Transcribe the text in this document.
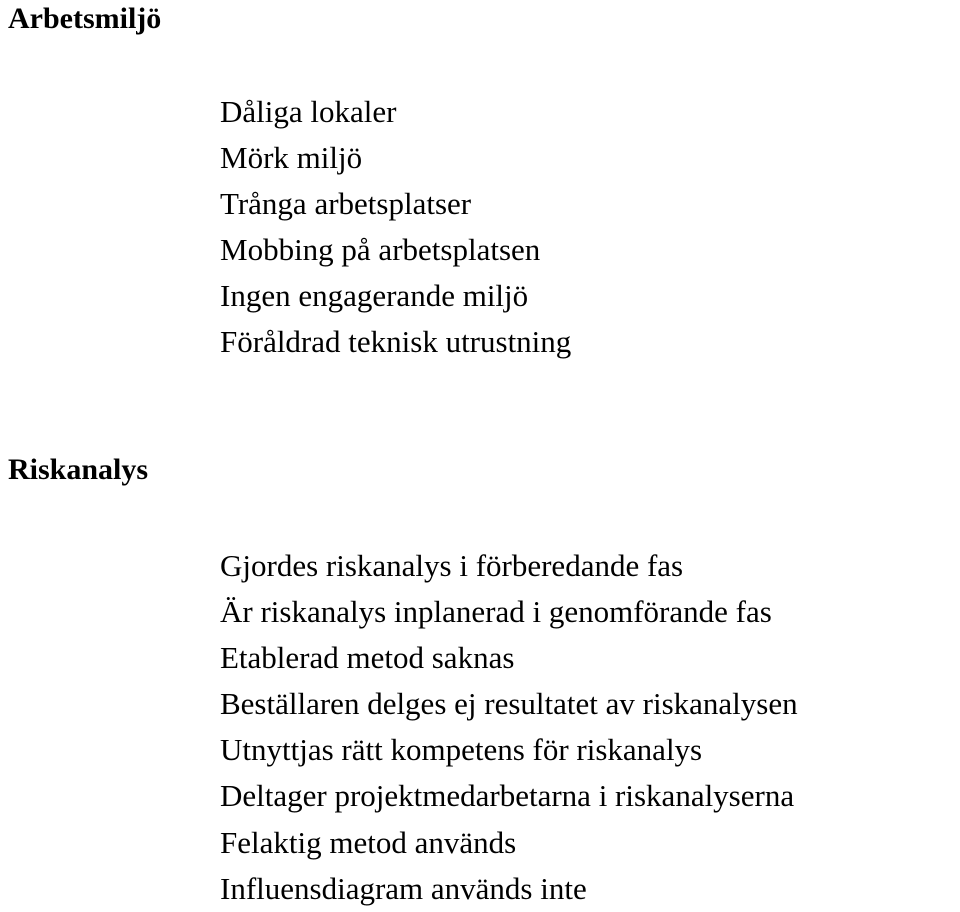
Arbetsmiljö
Dåliga lokaler
Mörk miljö
Trånga arbetsplatser
Mobbing på arbetsplatsen
Ingen engagerande miljö
Föråldrad teknisk utrustning
Riskanalys
Gjordes riskanalys i förberedande fas
Är riskanalys inplanerad i genomförande fas
Etablerad metod saknas
Beställaren delges ej resultatet av riskanalysen
Utnyttjas rätt kompetens för riskanalys
Deltager projektmedarbetarna i riskanalyserna
Felaktig metod används
Influensdiagram används inte
